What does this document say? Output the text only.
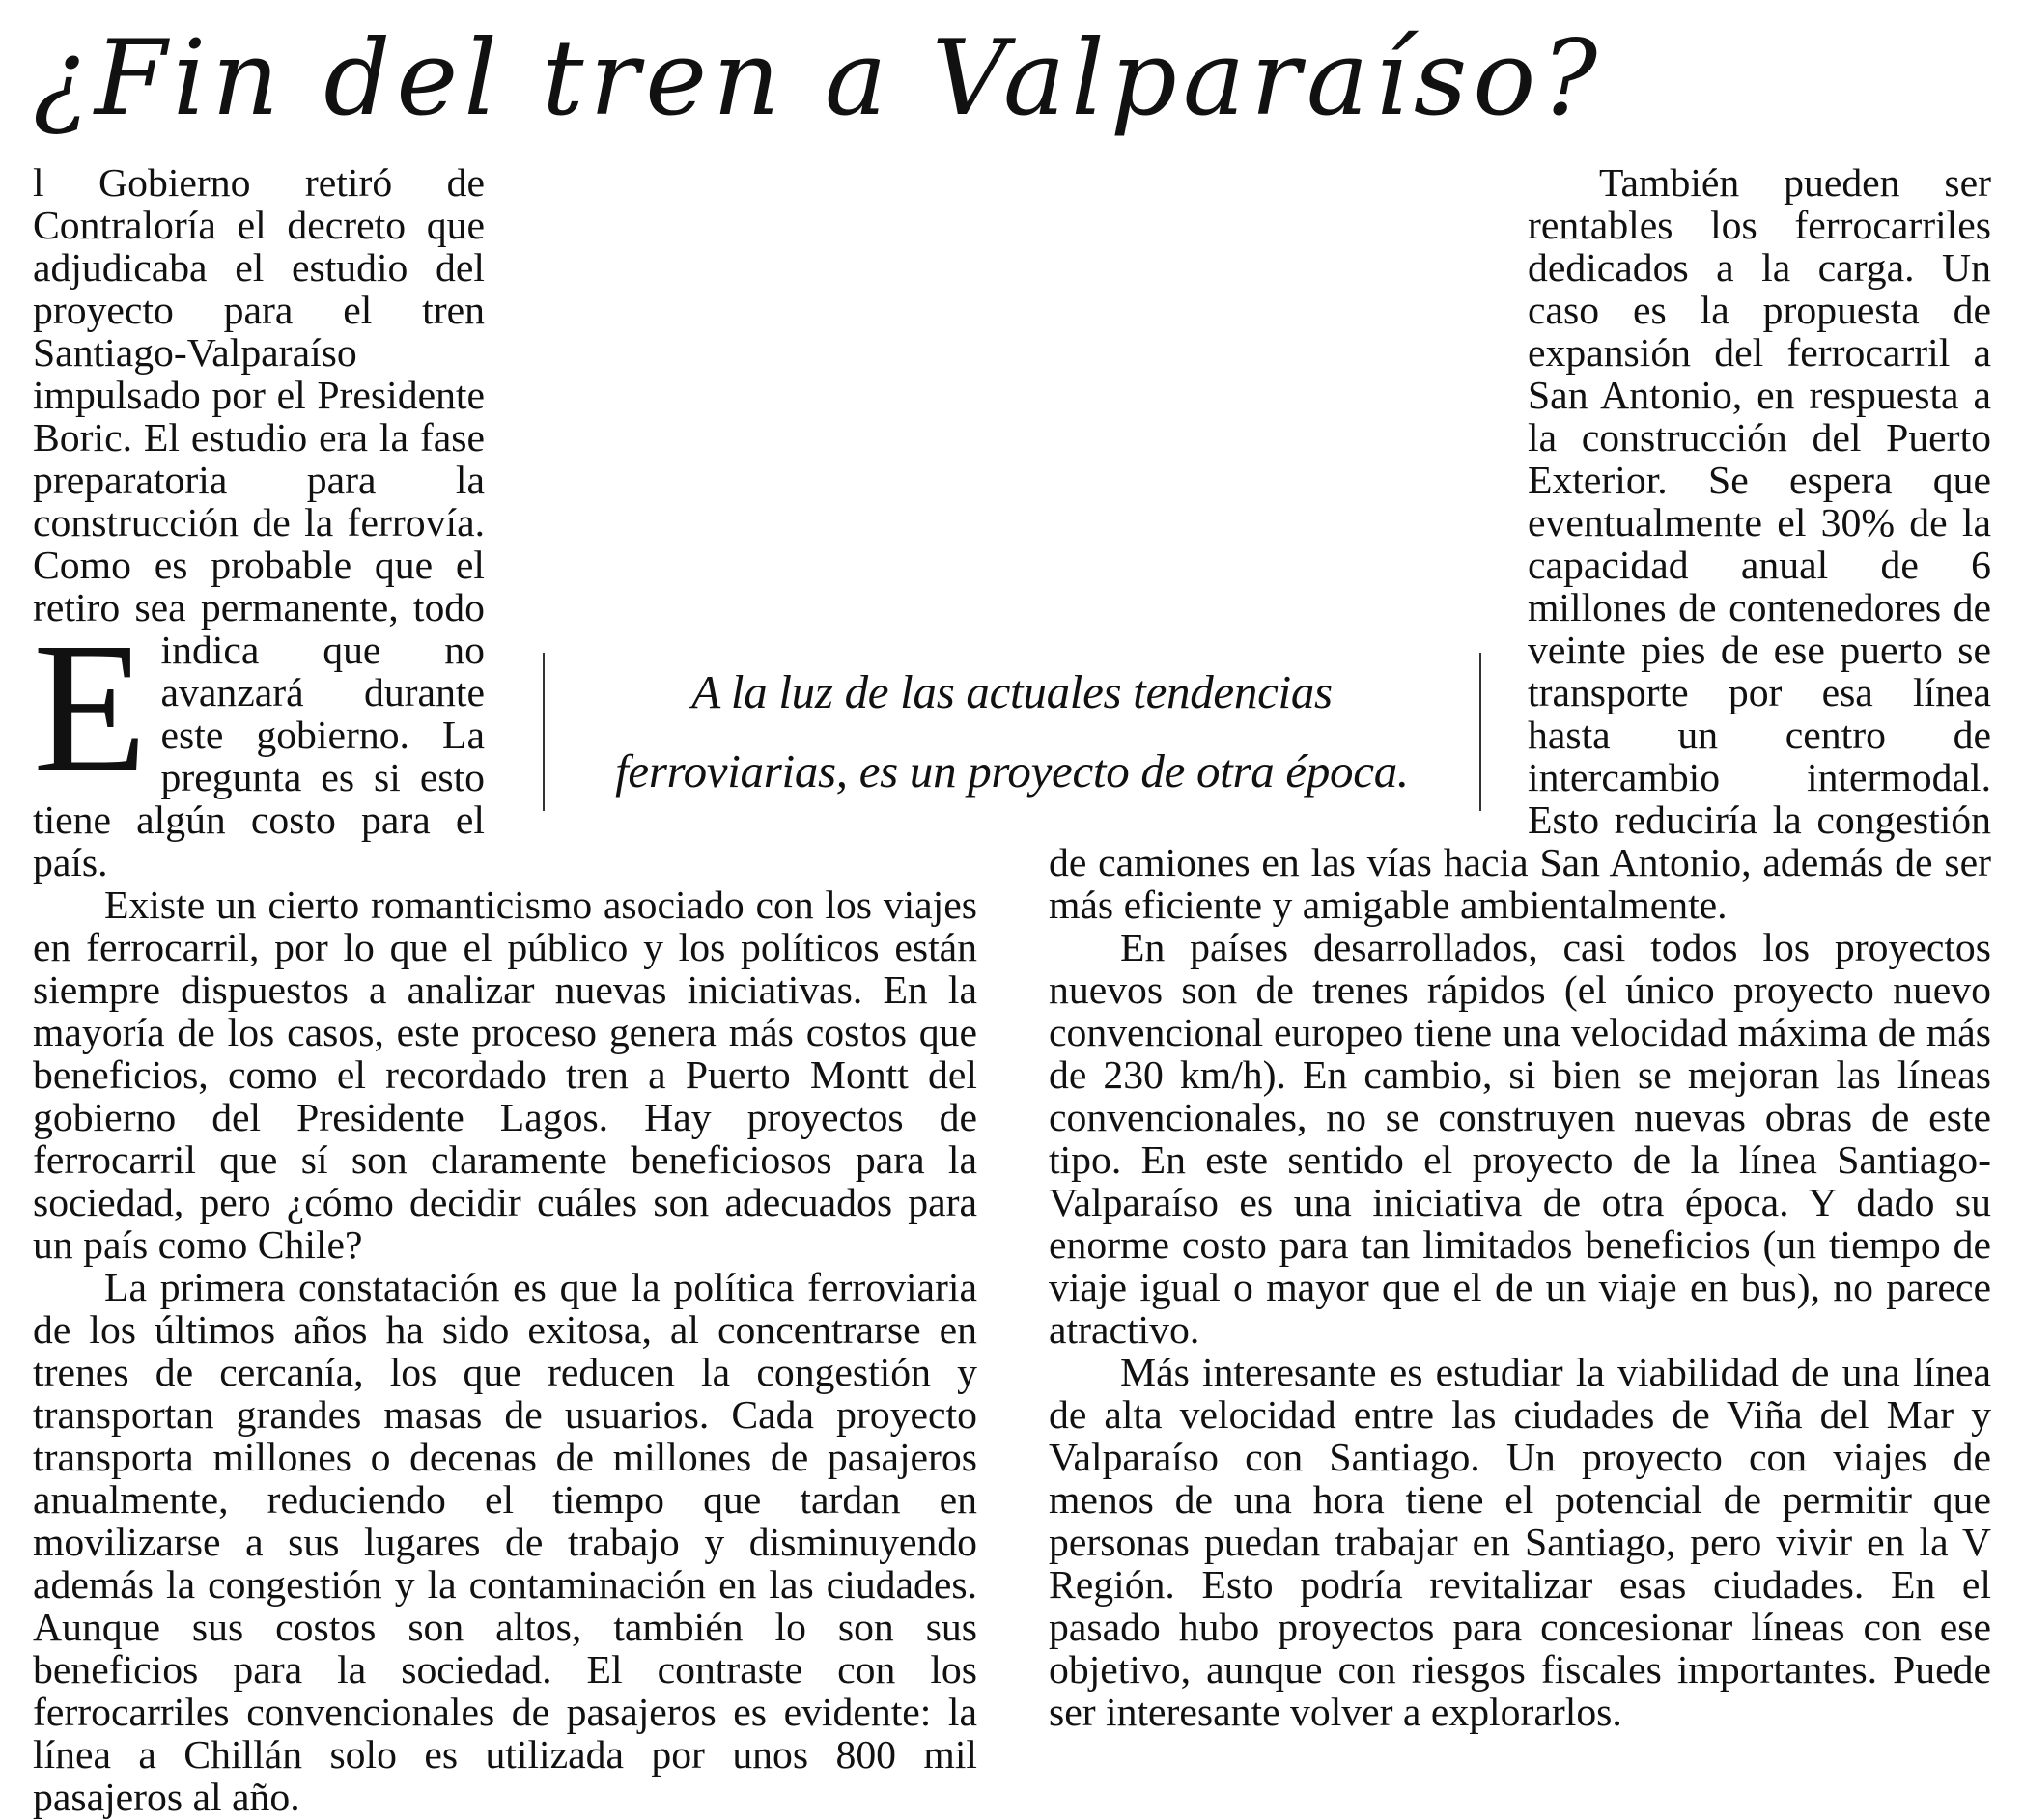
¿Fin del tren a Valparaíso?

E
l Gobierno retiró de Contraloría el decreto que adjudicaba el estudio del proyecto para el tren Santiago-Valparaíso impulsado por el Presidente Boric. El estudio era la fase preparatoria para la construcción de la ferrovía. Como es probable que el retiro sea permanente, todo indica que no avanzará durante este gobierno. La pregunta es si esto tiene algún costo para el país.

Existe un cierto romanticismo asociado con los viajes en ferrocarril, por lo que el público y los políticos están siempre dispuestos a analizar nuevas iniciativas. En la mayoría de los casos, este proceso genera más costos que beneficios, como el recordado tren a Puerto Montt del gobierno del Presidente Lagos. Hay proyectos de ferrocarril que sí son claramente beneficiosos para la sociedad, pero ¿cómo decidir cuáles son adecuados para un país como Chile?

La primera constatación es que la política ferroviaria de los últimos años ha sido exitosa, al concentrarse en trenes de cercanía, los que reducen la congestión y transportan grandes masas de usuarios. Cada proyecto transporta millones o decenas de millones de pasajeros anualmente, reduciendo el tiempo que tardan en movilizarse a sus lugares de trabajo y disminuyendo además la congestión y la contaminación en las ciudades. Aunque sus costos son altos, también lo son sus beneficios para la sociedad. El contraste con los ferrocarriles convencionales de pasajeros es evidente: la línea a Chillán solo es utilizada por unos 800 mil pasajeros al año.

También pueden ser rentables los ferrocarriles dedicados a la carga. Un caso es la propuesta de expansión del ferrocarril a San Antonio, en respuesta a la construcción del Puerto Exterior. Se espera que eventualmente el 30% de la capacidad anual de 6 millones de contenedores de veinte pies de ese puerto se transporte por esa línea hasta un centro de intercambio intermodal. Esto reduciría la congestión de camiones en las vías hacia San Antonio, además de ser más eficiente y amigable ambientalmente.

En países desarrollados, casi todos los proyectos nuevos son de trenes rápidos (el único proyecto nuevo convencional europeo tiene una velocidad máxima de más de 230 km/h). En cambio, si bien se mejoran las líneas convencionales, no se construyen nuevas obras de este tipo. En este sentido el proyecto de la línea Santiago-Valparaíso es una iniciativa de otra época. Y dado su enorme costo para tan limitados beneficios (un tiempo de viaje igual o mayor que el de un viaje en bus), no parece atractivo.

Más interesante es estudiar la viabilidad de una línea de alta velocidad entre las ciudades de Viña del Mar y Valparaíso con Santiago. Un proyecto con viajes de menos de una hora tiene el potencial de permitir que personas puedan trabajar en Santiago, pero vivir en la V Región. Esto podría revitalizar esas ciudades. En el pasado hubo proyectos para concesionar líneas con ese objetivo, aunque con riesgos fiscales importantes. Puede ser interesante volver a explorarlos.

A la luz de las actuales tendencias
ferroviarias, es un proyecto de otra época.
